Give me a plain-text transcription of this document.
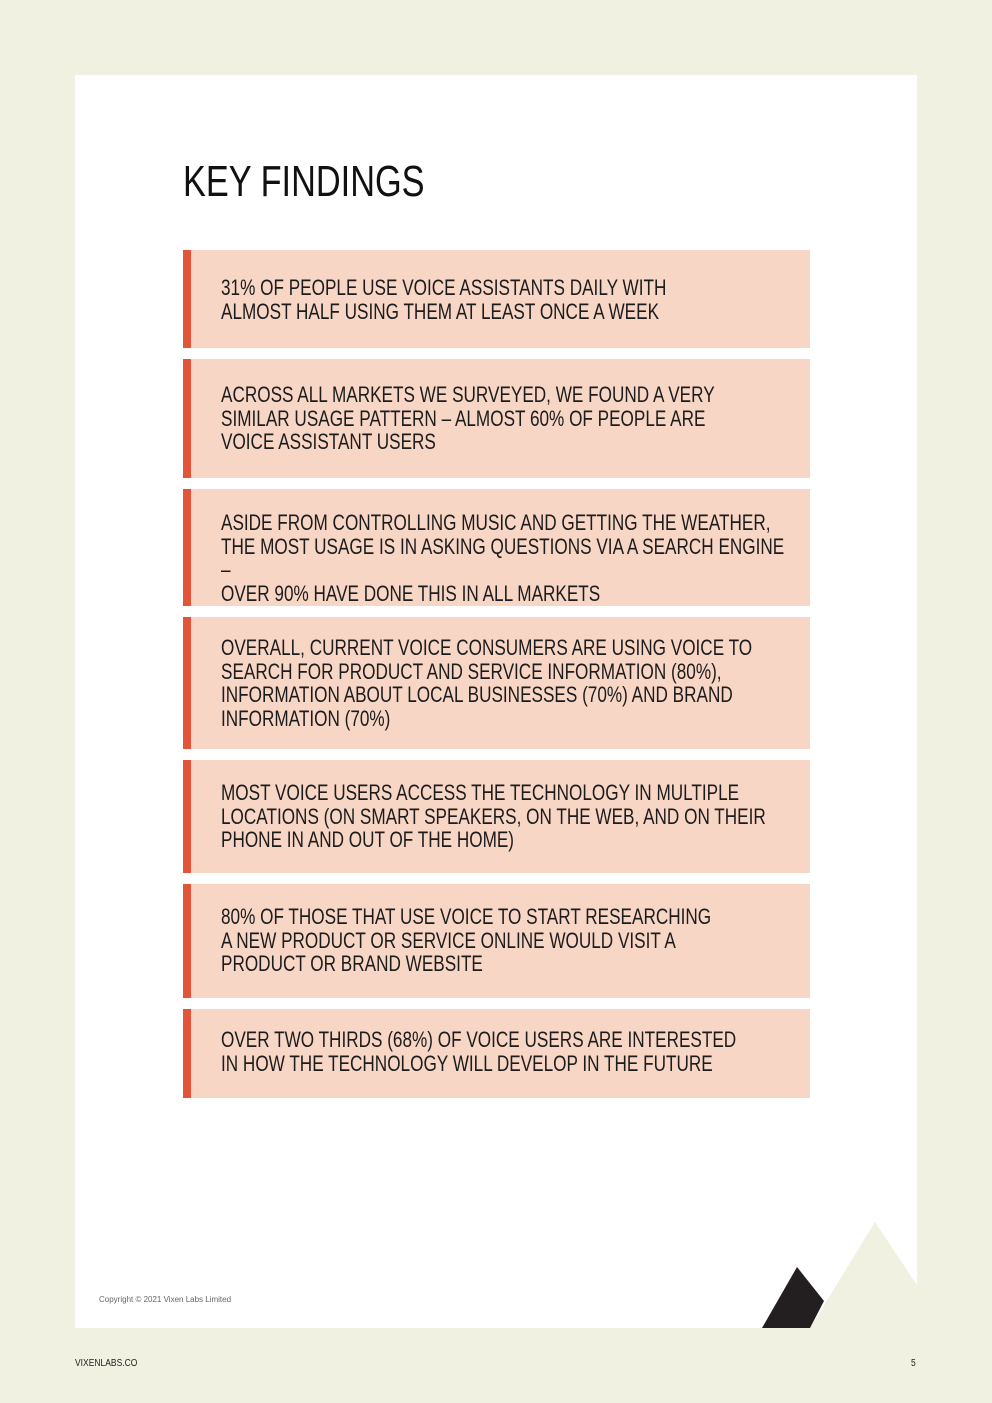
KEY FINDINGS

31% OF PEOPLE USE VOICE ASSISTANTS DAILY WITH
ALMOST HALF USING THEM AT LEAST ONCE A WEEK

ACROSS ALL MARKETS WE SURVEYED, WE FOUND A VERY
SIMILAR USAGE PATTERN – ALMOST 60% OF PEOPLE ARE
VOICE ASSISTANT USERS

ASIDE FROM CONTROLLING MUSIC AND GETTING THE WEATHER,
THE MOST USAGE IS IN ASKING QUESTIONS VIA A SEARCH ENGINE –
OVER 90% HAVE DONE THIS IN ALL MARKETS

OVERALL, CURRENT VOICE CONSUMERS ARE USING VOICE TO
SEARCH FOR PRODUCT AND SERVICE INFORMATION (80%),
INFORMATION ABOUT LOCAL BUSINESSES (70%) AND BRAND
INFORMATION (70%)

MOST VOICE USERS ACCESS THE TECHNOLOGY IN MULTIPLE
LOCATIONS (ON SMART SPEAKERS, ON THE WEB, AND ON THEIR
PHONE IN AND OUT OF THE HOME)

80% OF THOSE THAT USE VOICE TO START RESEARCHING
A NEW PRODUCT OR SERVICE ONLINE WOULD VISIT A
PRODUCT OR BRAND WEBSITE

OVER TWO THIRDS (68%) OF VOICE USERS ARE INTERESTED
IN HOW THE TECHNOLOGY WILL DEVELOP IN THE FUTURE

Copyright © 2021 Vixen Labs Limited
VIXENLABS.CO	5
